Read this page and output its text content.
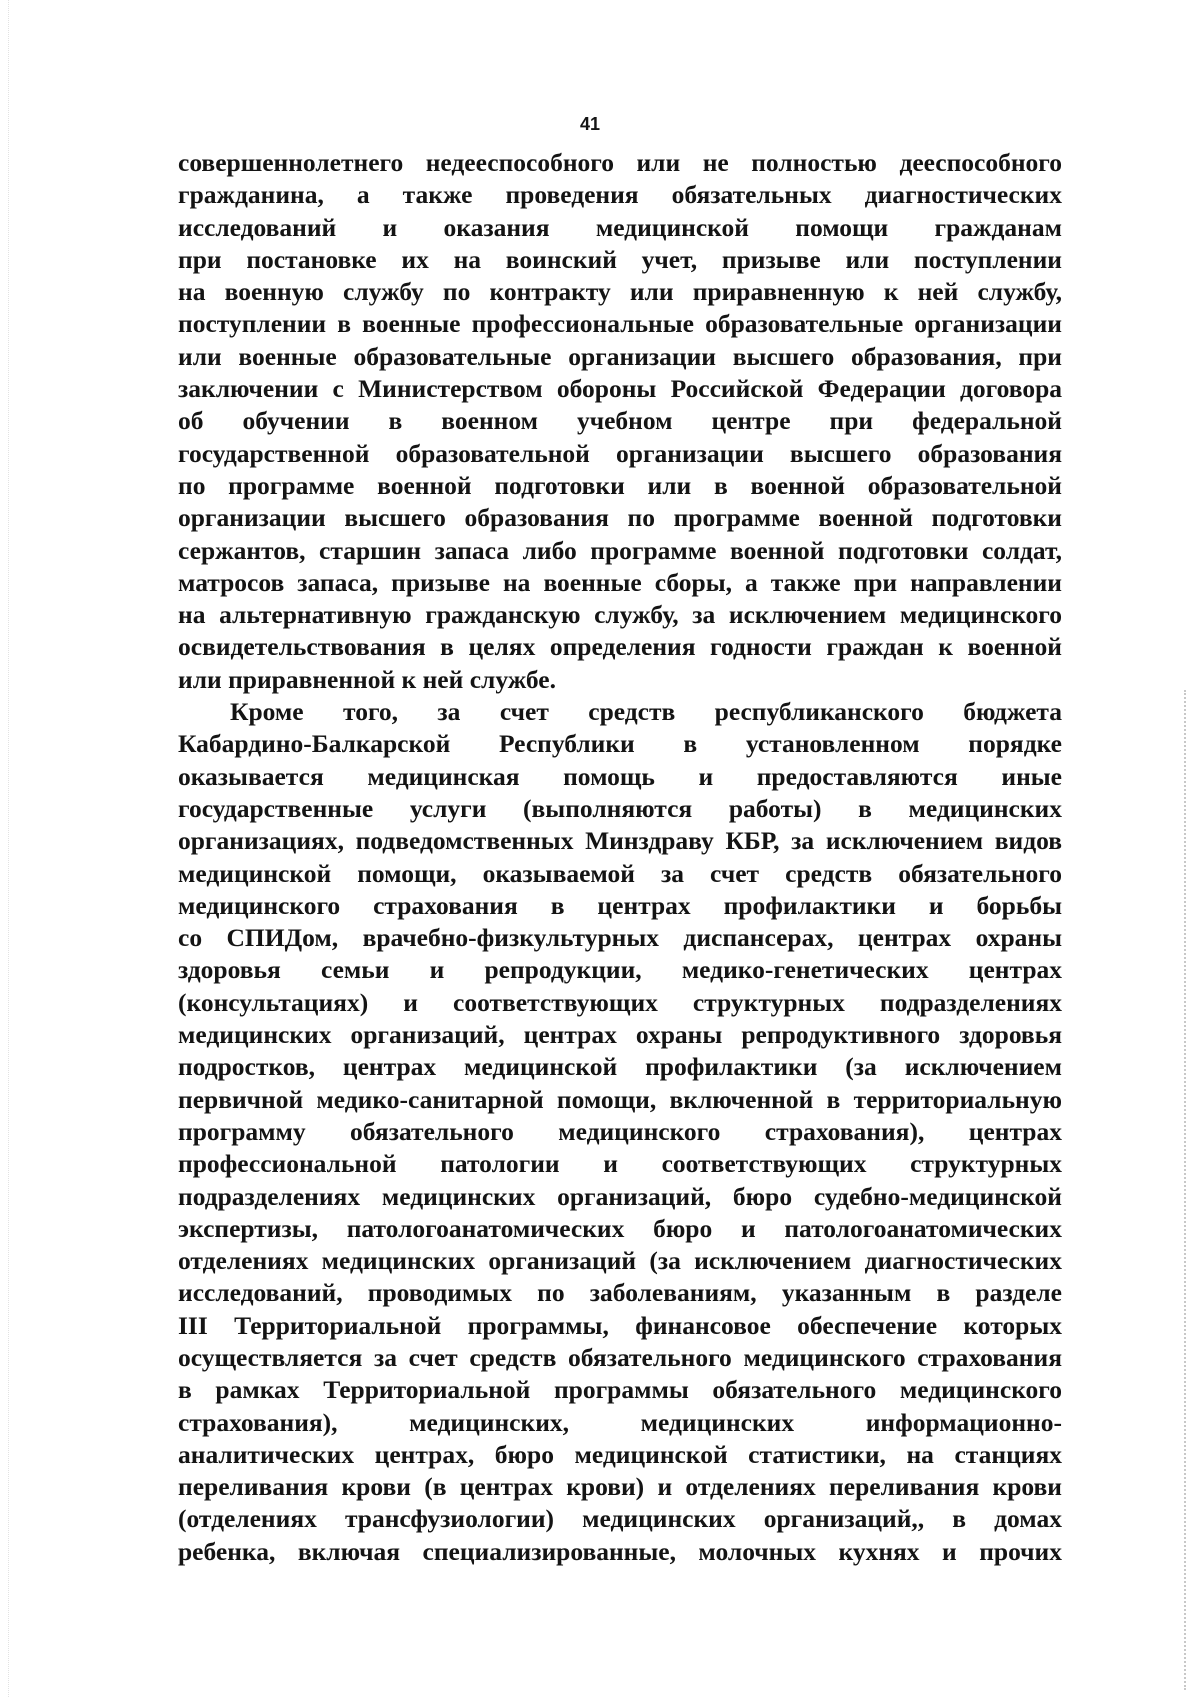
41
совершеннолетнего недееспособного или не полностью дееспособного
гражданина, а также проведения обязательных диагностических
исследований и оказания медицинской помощи гражданам
при постановке их на воинский учет, призыве или поступлении
на военную службу по контракту или приравненную к ней службу,
поступлении в военные профессиональные образовательные организации
или военные образовательные организации высшего образования, при
заключении с Министерством обороны Российской Федерации договора
об обучении в военном учебном центре при федеральной
государственной образовательной организации высшего образования
по программе военной подготовки или в военной образовательной
организации высшего образования по программе военной подготовки
сержантов, старшин запаса либо программе военной подготовки солдат,
матросов запаса, призыве на военные сборы, а также при направлении
на альтернативную гражданскую службу, за исключением медицинского
освидетельствования в целях определения годности граждан к военной
или приравненной к ней службе.
Кроме того, за счет средств республиканского бюджета
Кабардино-Балкарской Республики в установленном порядке
оказывается медицинская помощь и предоставляются иные
государственные услуги (выполняются работы) в медицинских
организациях, подведомственных Минздраву КБР, за исключением видов
медицинской помощи, оказываемой за счет средств обязательного
медицинского страхования в центрах профилактики и борьбы
со СПИДом, врачебно-физкультурных диспансерах, центрах охраны
здоровья семьи и репродукции, медико-генетических центрах
(консультациях) и соответствующих структурных подразделениях
медицинских организаций, центрах охраны репродуктивного здоровья
подростков, центрах медицинской профилактики (за исключением
первичной медико-санитарной помощи, включенной в территориальную
программу обязательного медицинского страхования), центрах
профессиональной патологии и соответствующих структурных
подразделениях медицинских организаций, бюро судебно-медицинской
экспертизы, патологоанатомических бюро и патологоанатомических
отделениях медицинских организаций (за исключением диагностических
исследований, проводимых по заболеваниям, указанным в разделе
III Территориальной программы, финансовое обеспечение которых
осуществляется за счет средств обязательного медицинского страхования
в рамках Территориальной программы обязательного медицинского
страхования), медицинских, медицинских информационно-
аналитических центрах, бюро медицинской статистики, на станциях
переливания крови (в центрах крови) и отделениях переливания крови
(отделениях трансфузиологии) медицинских организаций,, в домах
ребенка, включая специализированные, молочных кухнях и прочих
